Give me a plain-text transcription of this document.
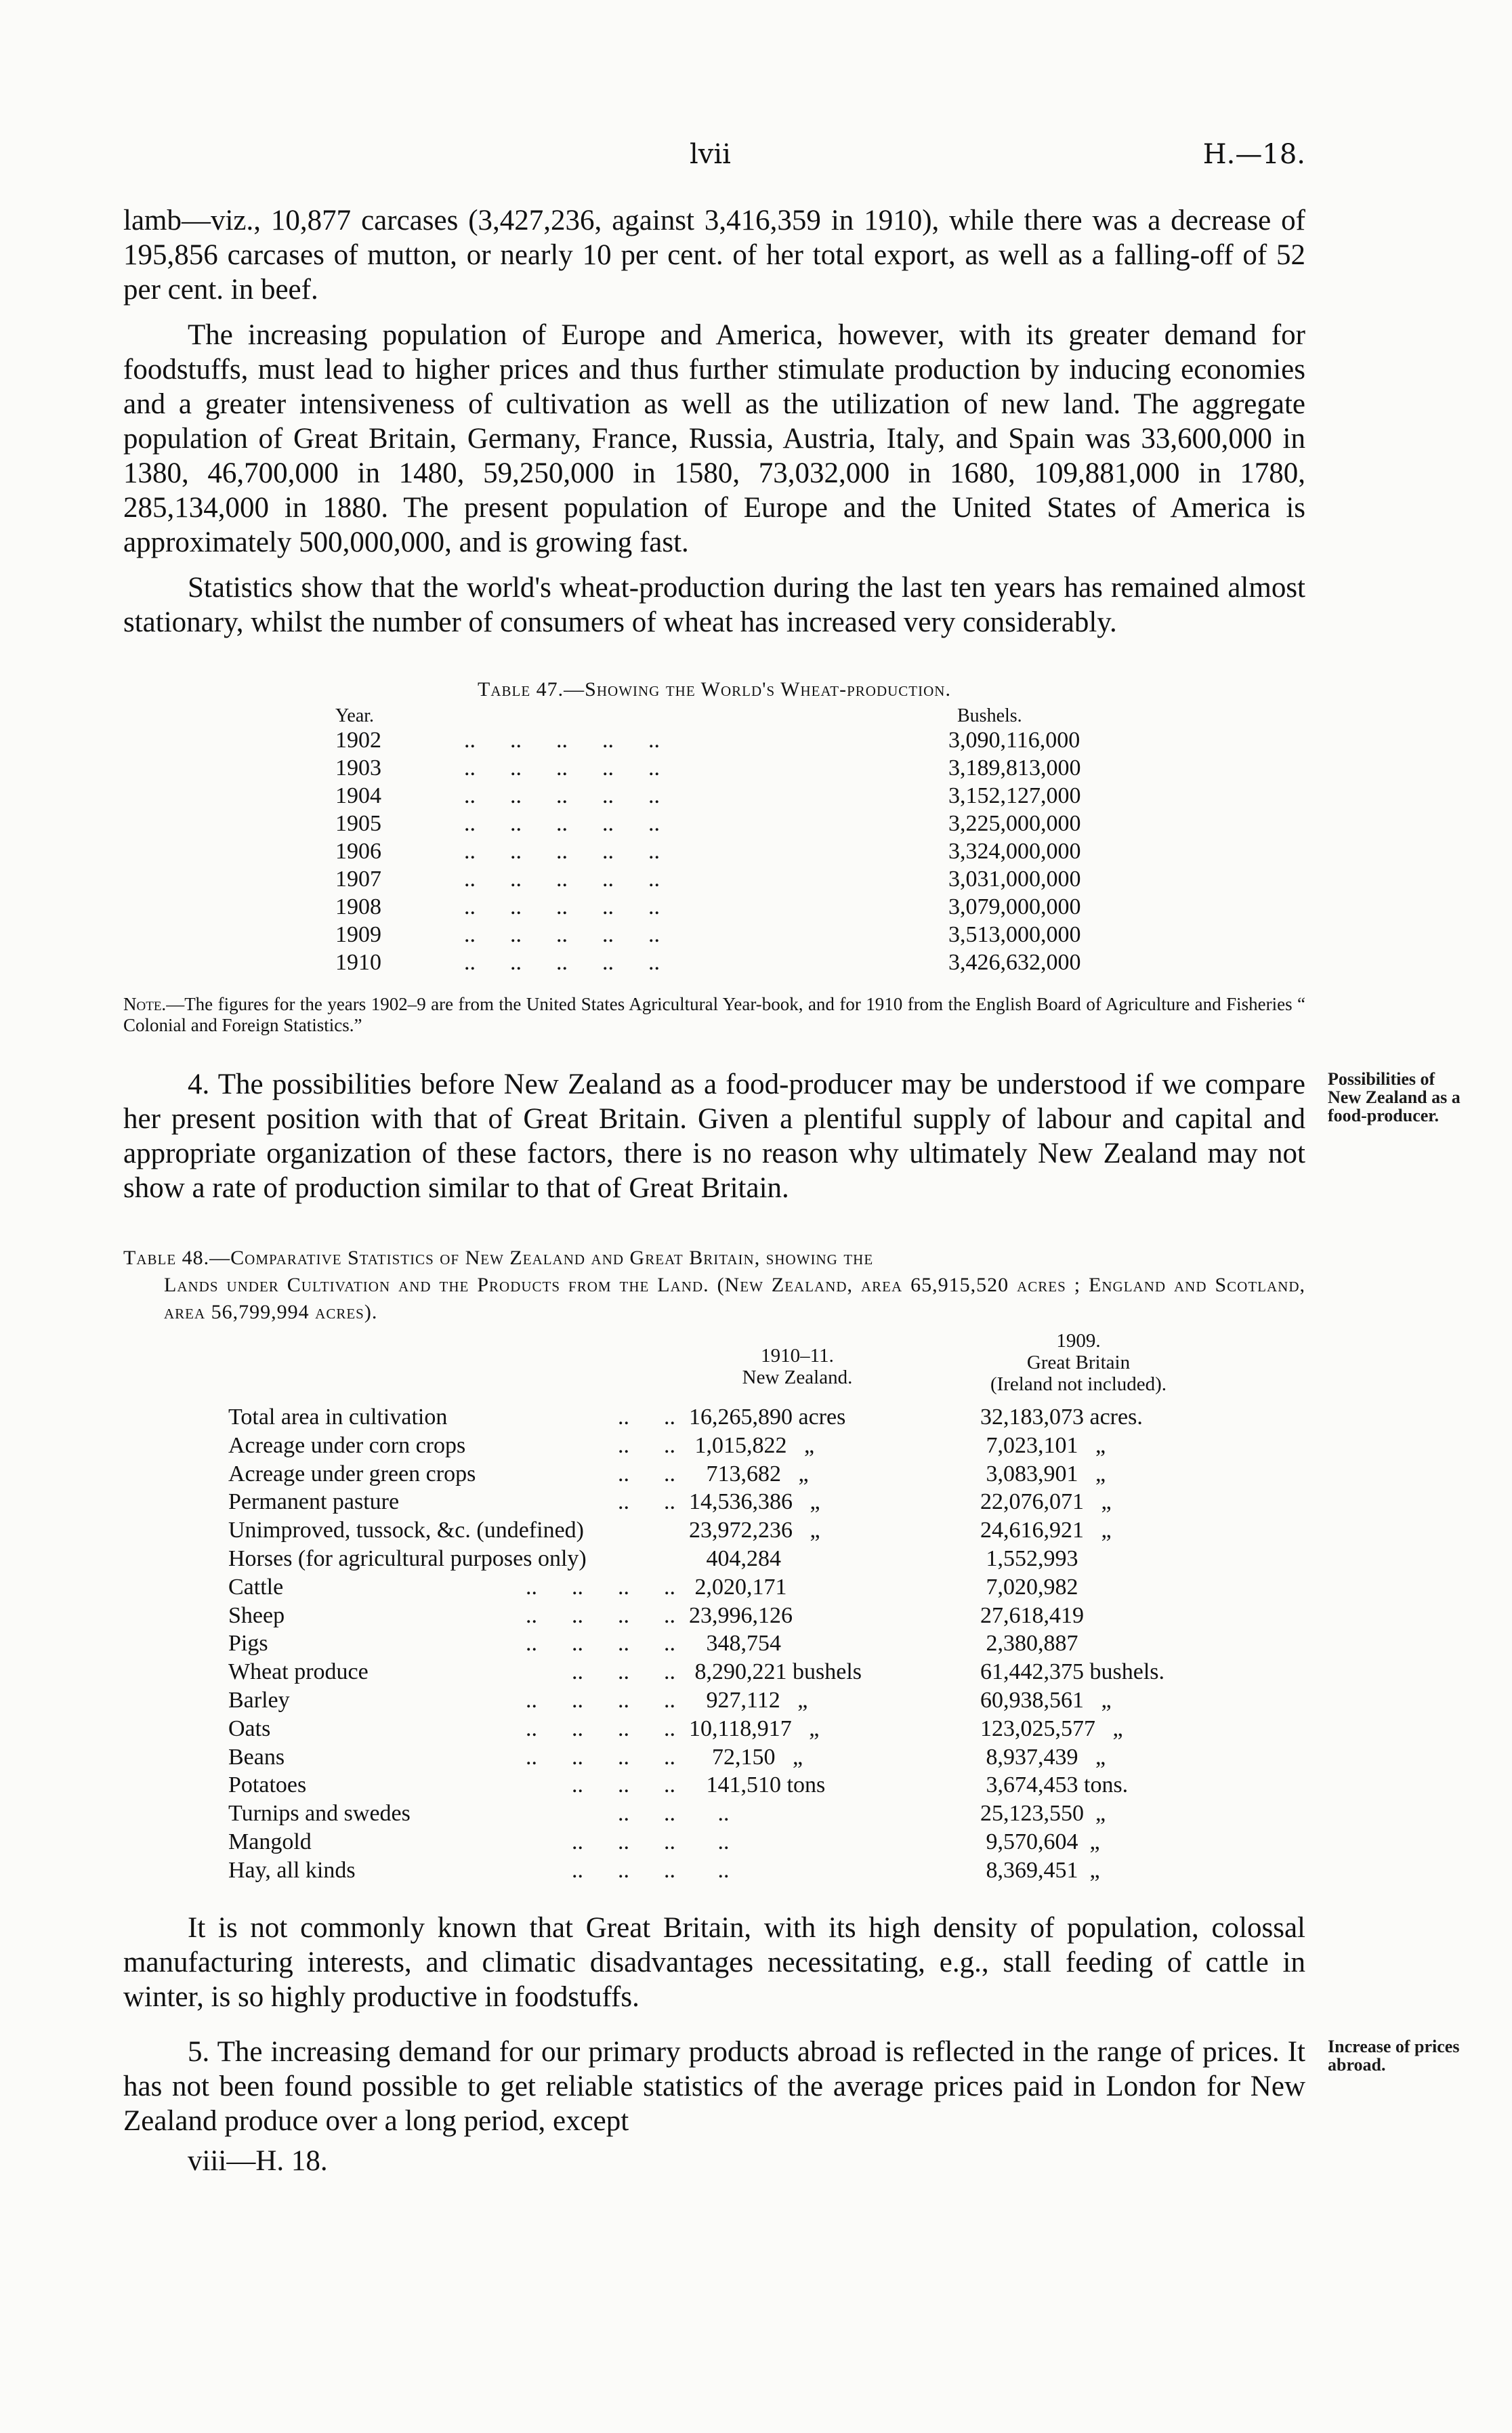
lvii	H.—18.

lamb—viz., 10,877 carcases (3,427,236, against 3,416,359 in 1910), while there was a decrease of 195,856 carcases of mutton, or nearly 10 per cent. of her total export, as well as a falling-off of 52 per cent. in beef.

The increasing population of Europe and America, however, with its greater demand for foodstuffs, must lead to higher prices and thus further stimulate production by inducing economies and a greater intensiveness of cultivation as well as the utilization of new land. The aggregate population of Great Britain, Germany, France, Russia, Austria, Italy, and Spain was 33,600,000 in 1380, 46,700,000 in 1480, 59,250,000 in 1580, 73,032,000 in 1680, 109,881,000 in 1780, 285,134,000 in 1880. The present population of Europe and the United States of America is approximately 500,000,000, and is growing fast.

Statistics show that the world's wheat-production during the last ten years has remained almost stationary, whilst the number of consumers of wheat has increased very considerably.

Table 47.—Showing the World's Wheat-production.
Year.	Bushels.
1902	..      ..      ..      ..      ..	3,090,116,000
1903	..      ..      ..      ..      ..	3,189,813,000
1904	..      ..      ..      ..      ..	3,152,127,000
1905	..      ..      ..      ..      ..	3,225,000,000
1906	..      ..      ..      ..      ..	3,324,000,000
1907	..      ..      ..      ..      ..	3,031,000,000
1908	..      ..      ..      ..      ..	3,079,000,000
1909	..      ..      ..      ..      ..	3,513,000,000
1910	..      ..      ..      ..      ..	3,426,632,000
Note.—The figures for the years 1902–9 are from the United States Agricultural Year-book, and for 1910 from the English Board of Agriculture and Fisheries “ Colonial and Foreign Statistics.”
Possibilities of New Zealand as a food-producer.

4. The possibilities before New Zealand as a food-producer may be understood if we compare her present position with that of Great Britain. Given a plentiful supply of labour and capital and appropriate organization of these factors, there is no reason why ultimately New Zealand may not show a rate of production similar to that of Great Britain.

Table 48.—Comparative Statistics of New Zealand and Great Britain, showing the
Lands under Cultivation and the Products from the Land. (New Zealand, area 65,915,520 acres ; England and Scotland, area 56,799,994 acres).
1910–11.
New Zealand.
1909.
Great Britain
(Ireland not included).
Total area in cultivation	..      .. 16,265,890 acres	32,183,073 acres.
Acreage under corn crops	..      .. 1,015,822   „	7,023,101   „
Acreage under green crops	..      .. 713,682   „	3,083,901   „
Permanent pasture	..      .. 14,536,386   „	22,076,071   „
Unimproved, tussock, &c. (undefined)	23,972,236   „	24,616,921   „
Horses (for agricultural purposes only)	404,284	1,552,993
Cattle	..      ..      ..      .. 2,020,171	7,020,982
Sheep	..      ..      ..      .. 23,996,126	27,618,419
Pigs	..      ..      ..      .. 348,754	2,380,887
Wheat produce	..      ..      .. 8,290,221 bushels	61,442,375 bushels.
Barley	..      ..      ..      .. 927,112   „	60,938,561   „
Oats	..      ..      ..      .. 10,118,917   „	123,025,577   „
Beans	..      ..      ..      .. 72,150   „	8,937,439   „
Potatoes	..      ..      .. 141,510 tons	3,674,453 tons.
Turnips and swedes	..      .. ..	25,123,550  „
Mangold	..      ..      .. ..	9,570,604  „
Hay, all kinds	..      ..      .. ..	8,369,451  „

It is not commonly known that Great Britain, with its high density of population, colossal manufacturing interests, and climatic disadvantages necessitating, e.g., stall feeding of cattle in winter, is so highly productive in foodstuffs.

Increase of prices abroad.

5. The increasing demand for our primary products abroad is reflected in the range of prices. It has not been found possible to get reliable statistics of the average prices paid in London for New Zealand produce over a long period, except

viii—H. 18.
